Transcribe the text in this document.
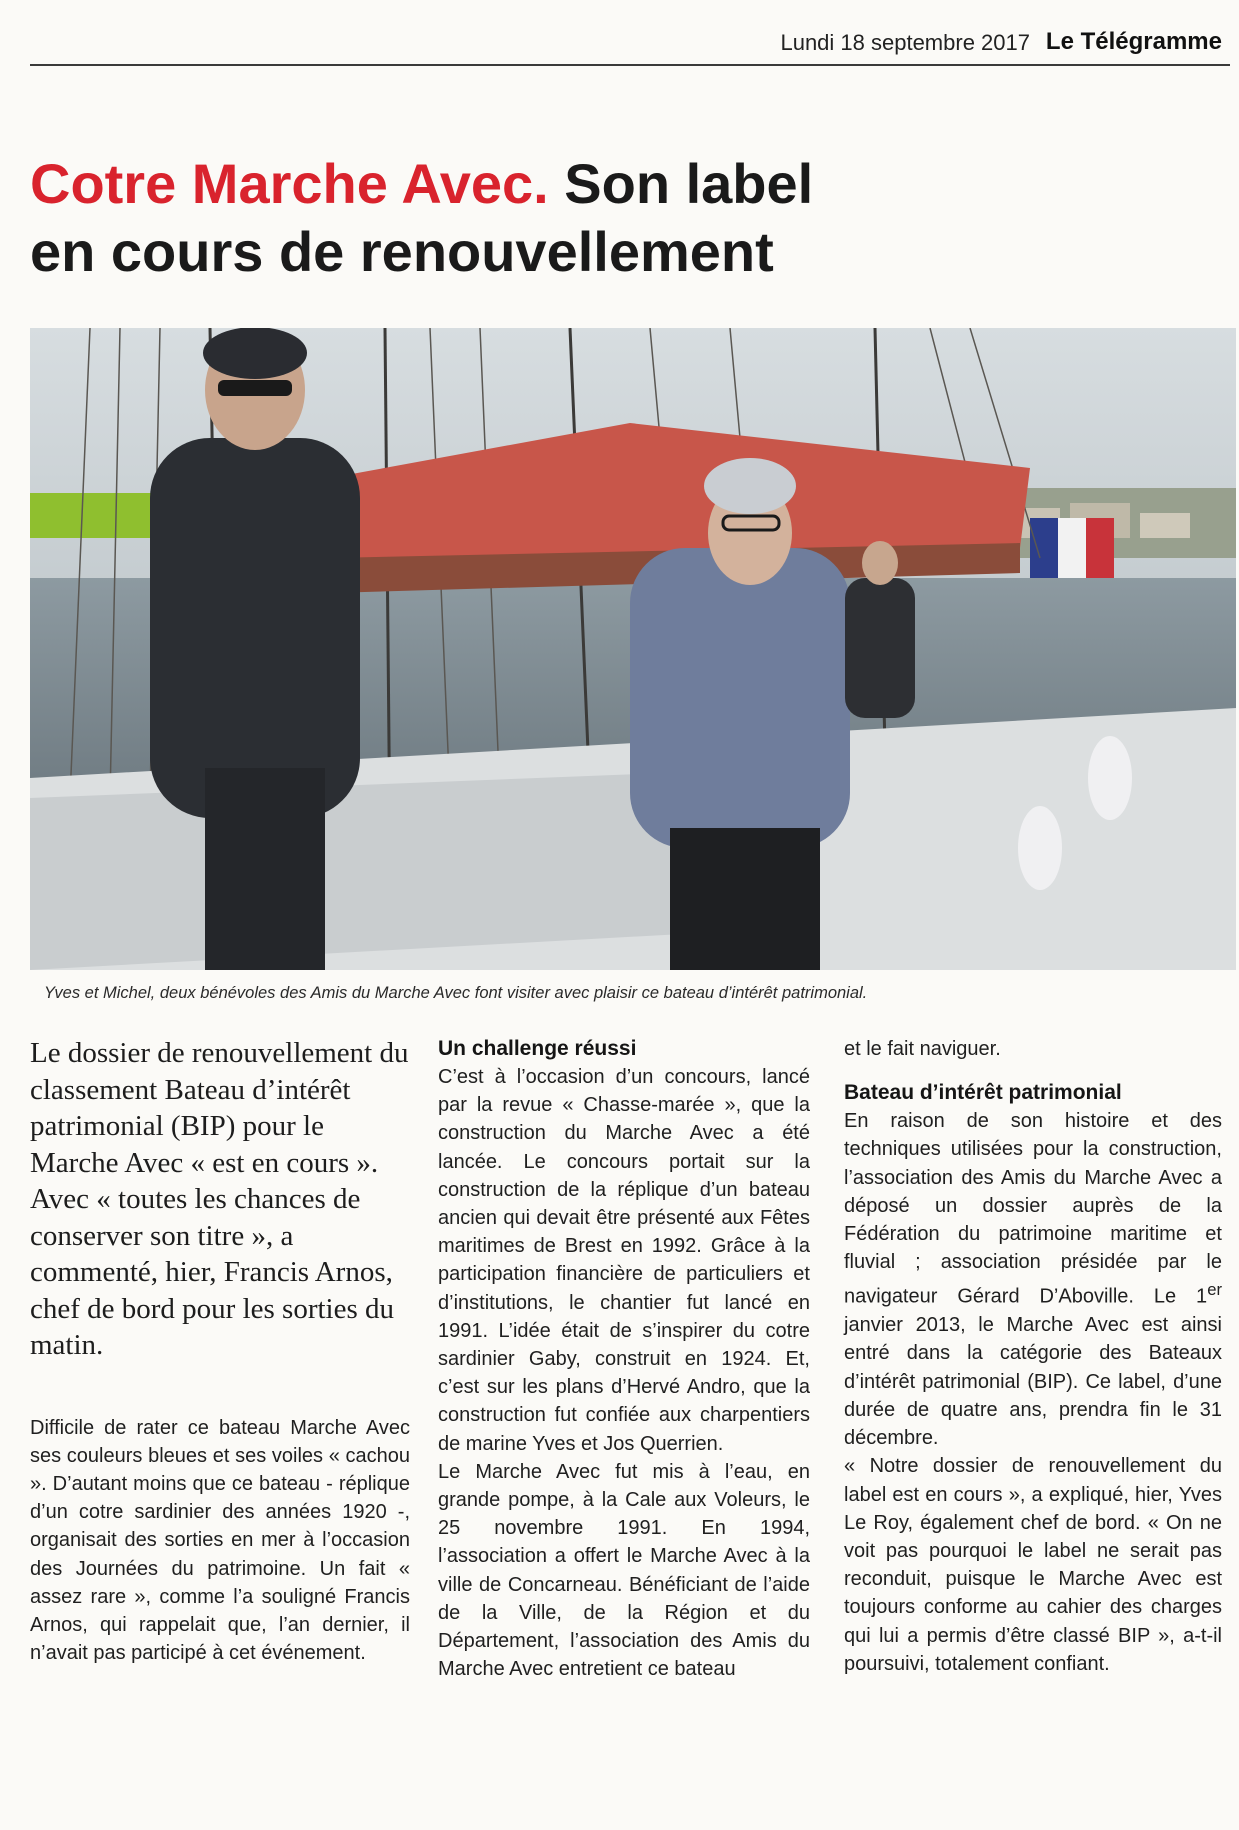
Lundi 18 septembre 2017 Le Télégramme
Cotre Marche Avec. Son label
en cours de renouvellement
Yves et Michel, deux bénévoles des Amis du Marche Avec font visiter avec plaisir ce bateau d’intérêt patrimonial.

Le dossier de renouvellement du classement Bateau d’intérêt patrimonial (BIP) pour le Marche Avec « est en cours ». Avec « toutes les chances de conserver son titre », a commenté, hier, Francis Arnos, chef de bord pour les sorties du matin.

Difficile de rater ce bateau Marche Avec ses couleurs bleues et ses voiles « cachou ». D’autant moins que ce bateau - réplique d’un cotre sardinier des années 1920 -, organisait des sorties en mer à l’occasion des Journées du patrimoine. Un fait « assez rare », comme l’a souligné Francis Arnos, qui rappelait que, l’an dernier, il n’avait pas participé à cet événement.

Un challenge réussi

C’est à l’occasion d’un concours, lancé par la revue « Chasse-marée », que la construction du Marche Avec a été lancée. Le concours portait sur la construction de la réplique d’un bateau ancien qui devait être présenté aux Fêtes maritimes de Brest en 1992. Grâce à la participation financière de particuliers et d’institutions, le chantier fut lancé en 1991. L’idée était de s’inspirer du cotre sardinier Gaby, construit en 1924. Et, c’est sur les plans d’Hervé Andro, que la construction fut confiée aux charpentiers de marine Yves et Jos Querrien.

Le Marche Avec fut mis à l’eau, en grande pompe, à la Cale aux Voleurs, le 25 novembre 1991. En 1994, l’association a offert le Marche Avec à la ville de Concarneau. Bénéficiant de l’aide de la Ville, de la Région et du Département, l’association des Amis du Marche Avec entretient ce bateau

et le fait naviguer.

Bateau d’intérêt patrimonial

En raison de son histoire et des techniques utilisées pour la construction, l’association des Amis du Marche Avec a déposé un dossier auprès de la Fédération du patrimoine maritime et fluvial ; association présidée par le navigateur Gérard D’Aboville. Le 1er janvier 2013, le Marche Avec est ainsi entré dans la catégorie des Bateaux d’intérêt patrimonial (BIP). Ce label, d’une durée de quatre ans, prendra fin le 31 décembre.

« Notre dossier de renouvellement du label est en cours », a expliqué, hier, Yves Le Roy, également chef de bord. « On ne voit pas pourquoi le label ne serait pas reconduit, puisque le Marche Avec est toujours conforme au cahier des charges qui lui a permis d’être classé BIP », a-t-il poursuivi, totalement confiant.
